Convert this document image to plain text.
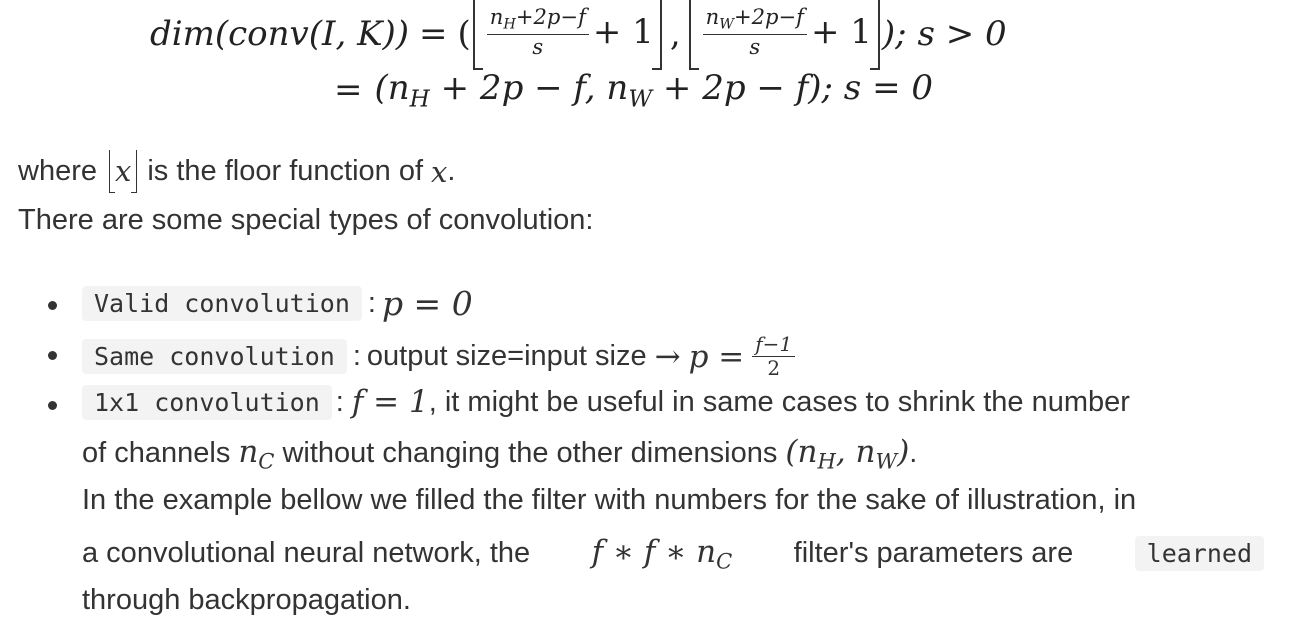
dim(conv(I, K)) = ( $\frac{n_H+2p-f}{s} + 1$ , $\frac{n_W+2p-f}{s} + 1$ ); s > 0
= ($n_H + 2p - f$, $n_W + 2p - f$); s = 0
where x is the floor function of x .
There are some special types of convolution:
Valid convolution : p = 0
Same convolution : output size=input size → $p = \frac{f-1}{2}$
1x1 convolution : f = 1 , it might be useful in same cases to shrink the number
of channels $n_C$ without changing the other dimensions ($n_H$, $n_W$) .
In the example bellow we filled the filter with numbers for the sake of illustration, in
a convolutional neural network, the f ∗ f ∗ $n_C$ filter's parameters are	learned
through backpropagation.
